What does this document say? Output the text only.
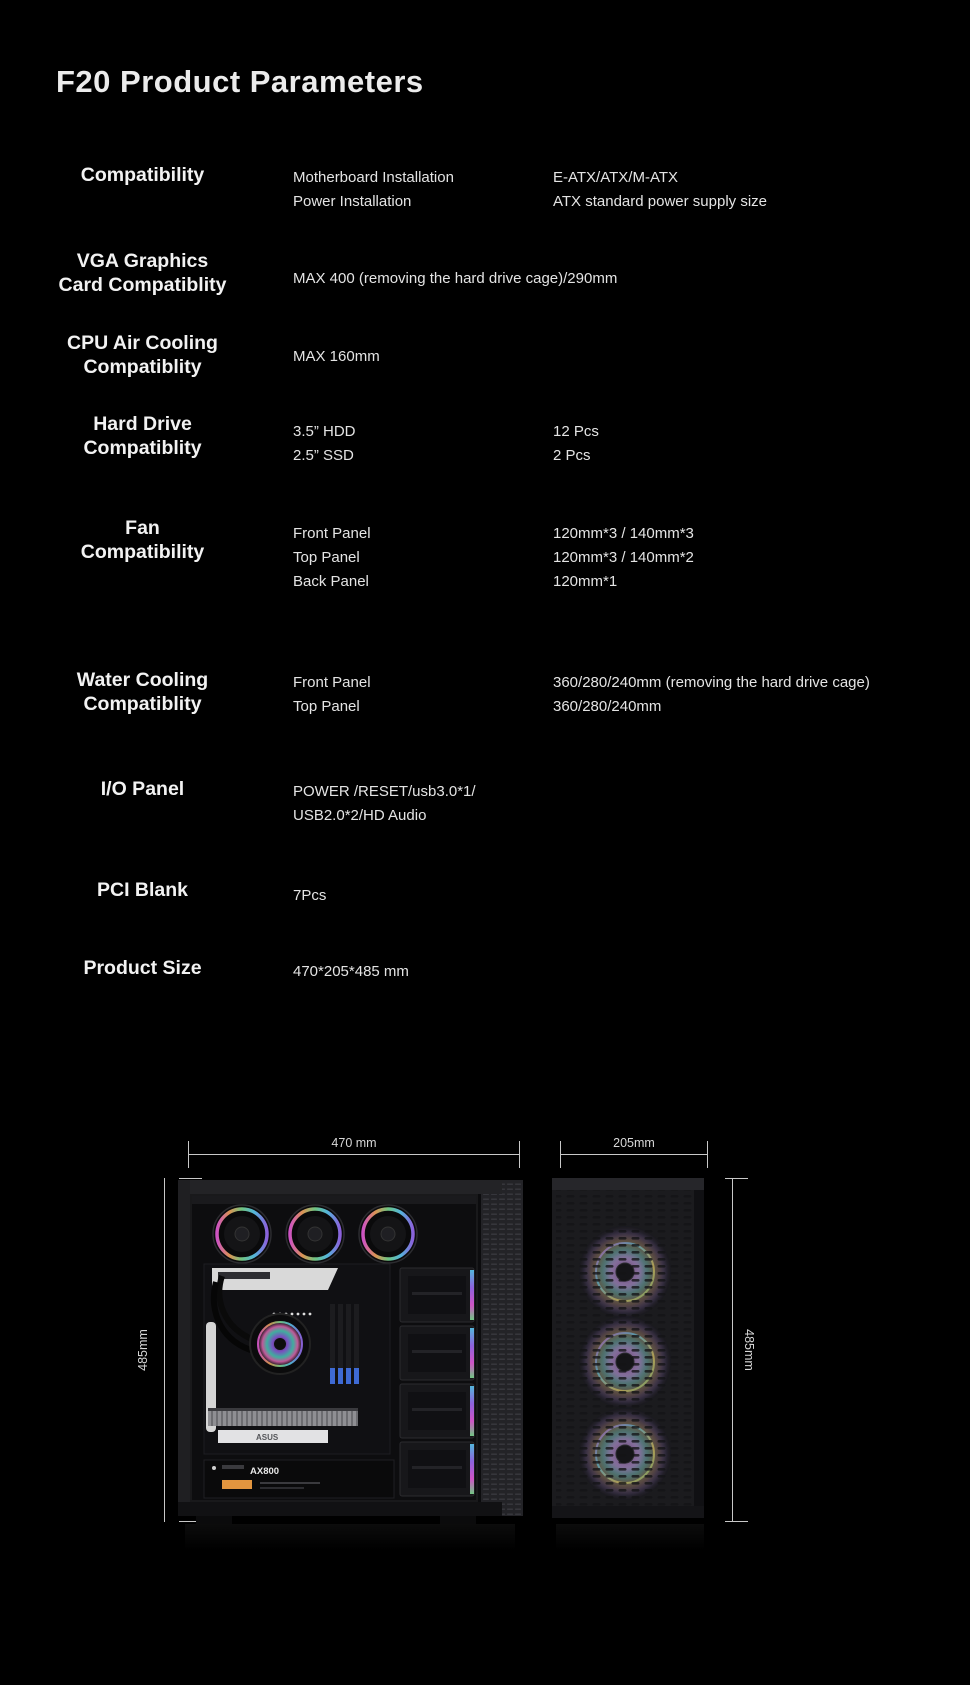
F20 Product Parameters
Compatibility	Motherboard Installation	E-ATX/ATX/M-ATX
Power Installation	ATX standard power supply size
VGA Graphics
Card Compatiblity	MAX 400 (removing the hard drive cage)/290mm
CPU Air Cooling
Compatiblity	MAX 160mm
Hard Drive
Compatiblity
3.5” HDD	12 Pcs
2.5” SSD	2 Pcs
Fan
Compatibility
Front Panel	120mm*3 / 140mm*3
Top Panel	120mm*3 / 140mm*2
Back Panel	120mm*1
Water Cooling
Compatiblity
Front Panel	360/280/240mm (removing the hard drive cage)
Top Panel	360/280/240mm
I/O Panel	POWER /RESET/usb3.0*1/
USB2.0*2/HD Audio
PCI Blank	7Pcs
Product Size	470*205*485 mm
470 mm	205mm
485mm	485mm
ASUS
AX800
